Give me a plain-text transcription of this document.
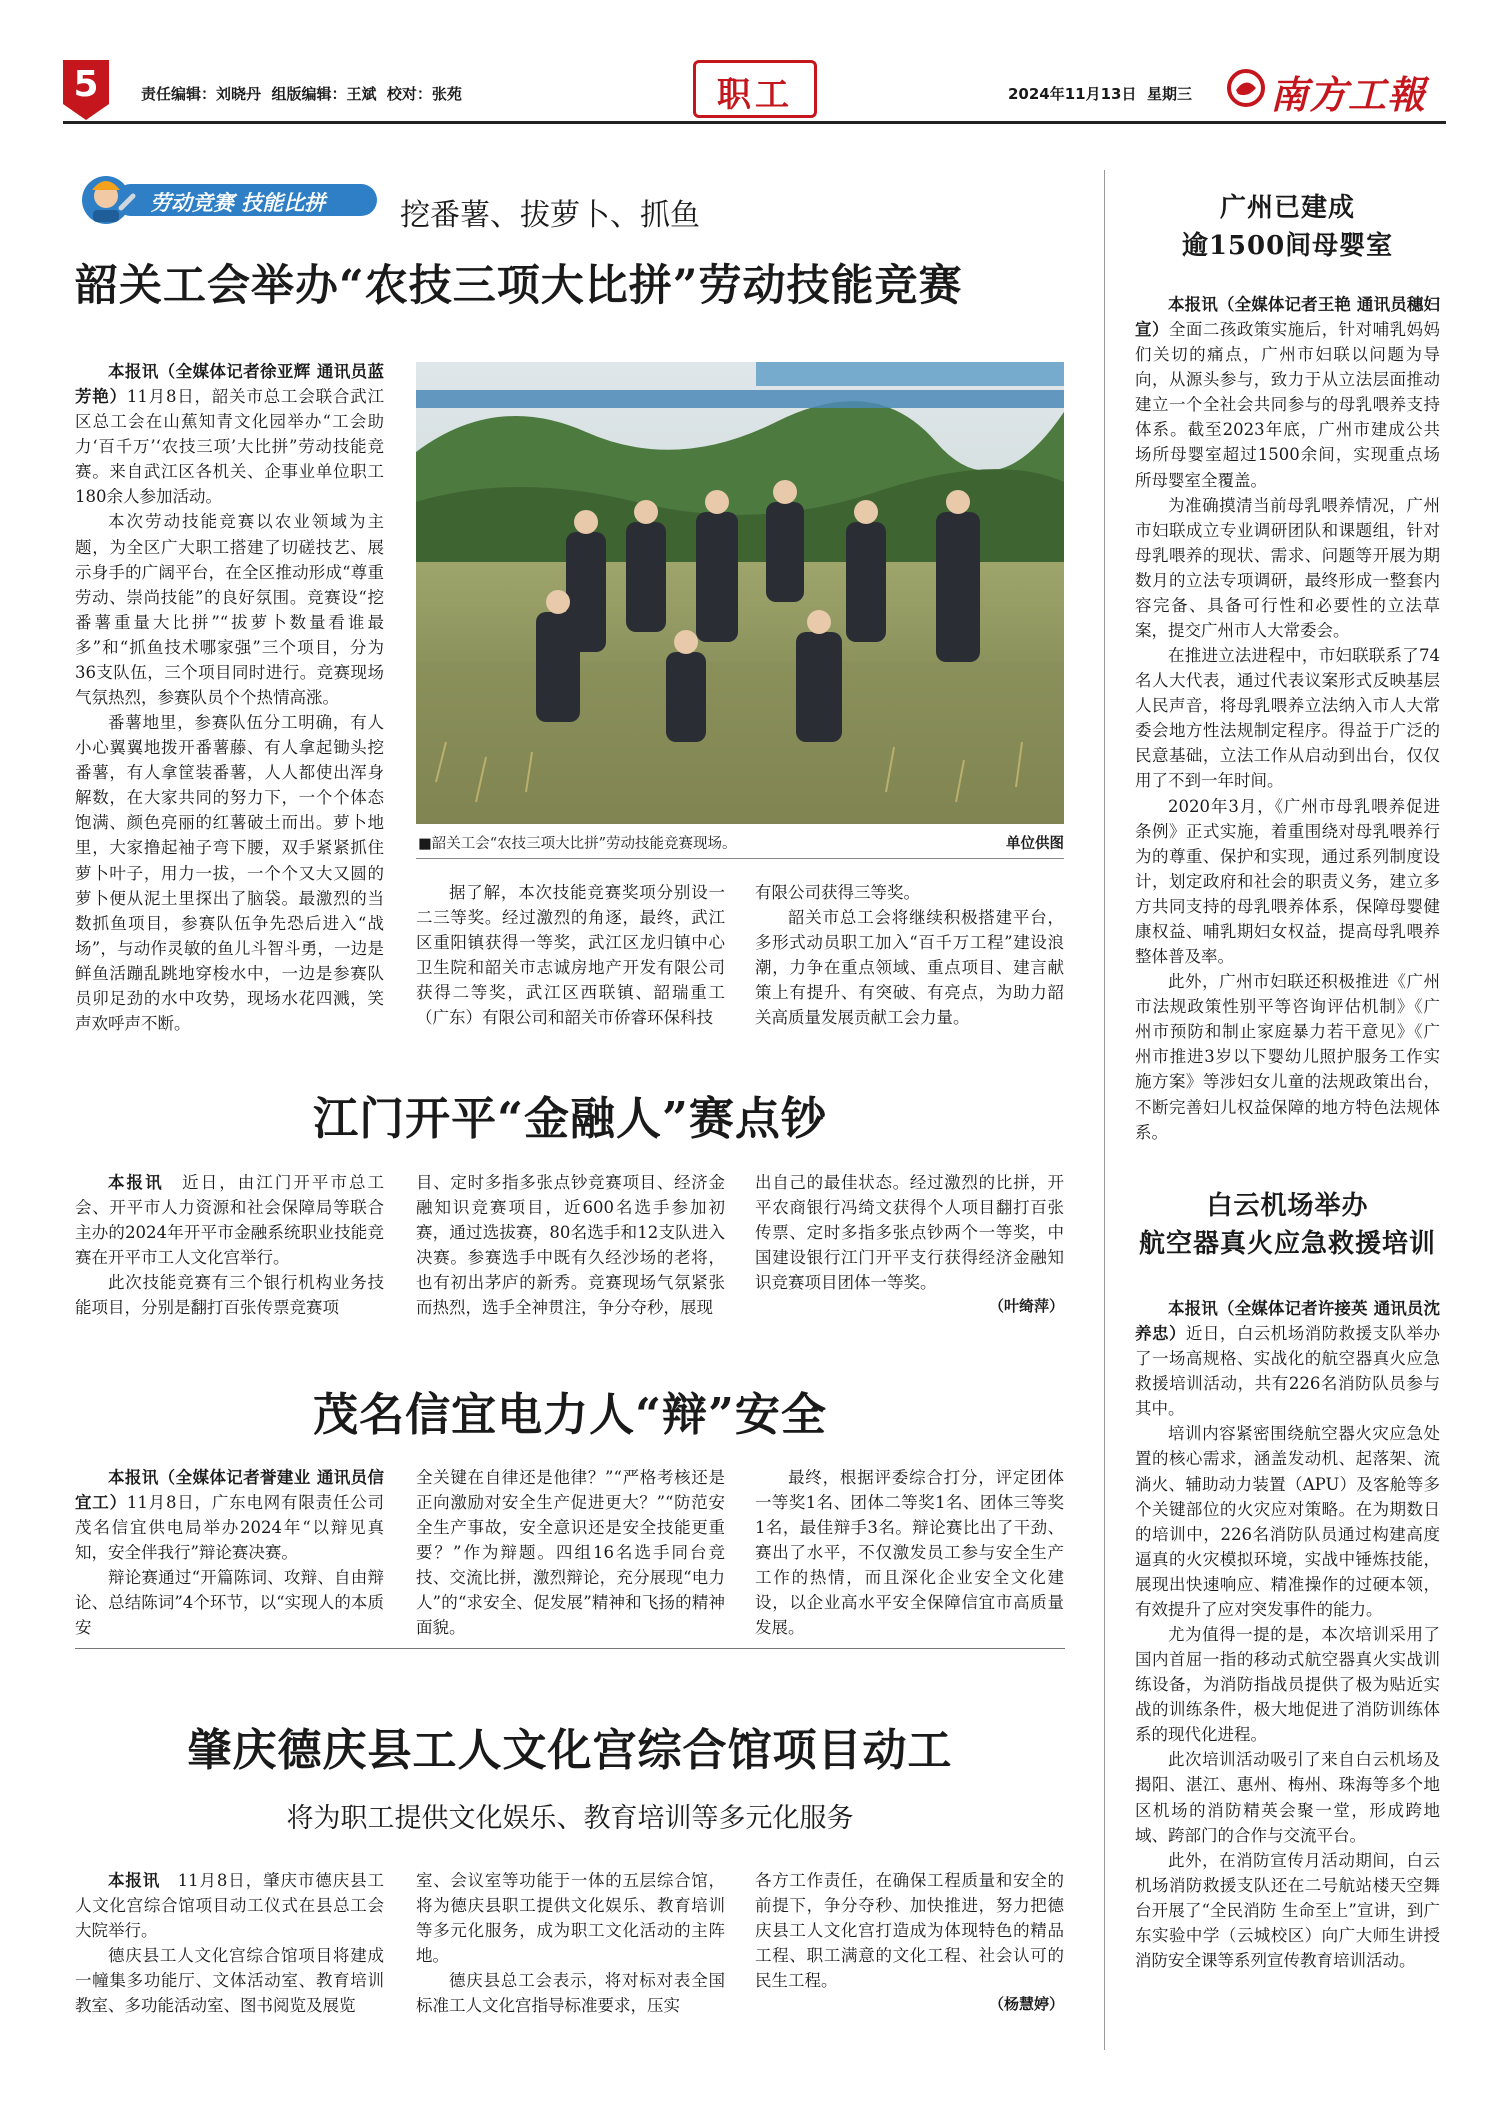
5	责任编辑：刘晓丹  组版编辑：王斌  校对：张苑	职工	2024年11月13日  星期三 南方工報
劳动竞赛 技能比拼 挖番薯、拔萝卜、抓鱼
韶关工会举办“农技三项大比拼”劳动技能竞赛

本报讯（全媒体记者徐亚辉 通讯员蓝芳艳）11月8日，韶关市总工会联合武江区总工会在山蕉知青文化园举办“工会助力‘百千万’‘农技三项’大比拼”劳动技能竞赛。来自武江区各机关、企事业单位职工180余人参加活动。

本次劳动技能竞赛以农业领域为主题，为全区广大职工搭建了切磋技艺、展示身手的广阔平台，在全区推动形成“尊重劳动、崇尚技能”的良好氛围。竞赛设“挖番薯重量大比拼”“拔萝卜数量看谁最多”和“抓鱼技术哪家强”三个项目，分为36支队伍，三个项目同时进行。竞赛现场气氛热烈，参赛队员个个热情高涨。

番薯地里，参赛队伍分工明确，有人小心翼翼地拨开番薯藤、有人拿起锄头挖番薯，有人拿筐装番薯，人人都使出浑身解数，在大家共同的努力下，一个个体态饱满、颜色亮丽的红薯破土而出。萝卜地里，大家撸起袖子弯下腰，双手紧紧抓住萝卜叶子，用力一拔，一个个又大又圆的萝卜便从泥土里探出了脑袋。最激烈的当数抓鱼项目，参赛队伍争先恐后进入“战场”，与动作灵敏的鱼儿斗智斗勇，一边是鲜鱼活蹦乱跳地穿梭水中，一边是参赛队员卯足劲的水中攻势，现场水花四溅，笑声欢呼声不断。

■韶关工会“农技三项大比拼”劳动技能竞赛现场。	单位供图

据了解，本次技能竞赛奖项分别设一二三等奖。经过激烈的角逐，最终，武江区重阳镇获得一等奖，武江区龙归镇中心卫生院和韶关市志诚房地产开发有限公司获得二等奖，武江区西联镇、韶瑞重工（广东）有限公司和韶关市侨睿环保科技

有限公司获得三等奖。

韶关市总工会将继续积极搭建平台，多形式动员职工加入“百千万工程”建设浪潮，力争在重点领域、重点项目、建言献策上有提升、有突破、有亮点，为助力韶关高质量发展贡献工会力量。

江门开平“金融人”赛点钞

本报讯　 近日，由江门开平市总工会、开平市人力资源和社会保障局等联合主办的2024年开平市金融系统职业技能竞赛在开平市工人文化宫举行。

此次技能竞赛有三个银行机构业务技能项目，分别是翻打百张传票竞赛项

目、定时多指多张点钞竞赛项目、经济金融知识竞赛项目，近600名选手参加初赛，通过选拔赛，80名选手和12支队进入决赛。参赛选手中既有久经沙场的老将，也有初出茅庐的新秀。竞赛现场气氛紧张而热烈，选手全神贯注，争分夺秒，展现

出自己的最佳状态。经过激烈的比拼，开平农商银行冯绮文获得个人项目翻打百张传票、定时多指多张点钞两个一等奖，中国建设银行江门开平支行获得经济金融知识竞赛项目团体一等奖。

（叶绮萍）
茂名信宜电力人“辩”安全

本报讯（全媒体记者誉建业 通讯员信宜工）11月8日，广东电网有限责任公司茂名信宜供电局举办2024年“以辩见真知，安全伴我行”辩论赛决赛。

辩论赛通过“开篇陈词、攻辩、自由辩论、总结陈词”4个环节，以“实现人的本质安

全关键在自律还是他律？”“严格考核还是正向激励对安全生产促进更大？”“防范安全生产事故，安全意识还是安全技能更重要？”作为辩题。四组16名选手同台竞技、交流比拼，激烈辩论，充分展现“电力人”的“求安全、促发展”精神和飞扬的精神面貌。

最终，根据评委综合打分，评定团体一等奖1名、团体二等奖1名、团体三等奖1名，最佳辩手3名。辩论赛比出了干劲、赛出了水平，不仅激发员工参与安全生产工作的热情，而且深化企业安全文化建设，以企业高水平安全保障信宜市高质量发展。

肇庆德庆县工人文化宫综合馆项目动工
将为职工提供文化娱乐、教育培训等多元化服务

本报讯　 11月8日，肇庆市德庆县工人文化宫综合馆项目动工仪式在县总工会大院举行。

德庆县工人文化宫综合馆项目将建成一幢集多功能厅、文体活动室、教育培训教室、多功能活动室、图书阅览及展览

室、会议室等功能于一体的五层综合馆，将为德庆县职工提供文化娱乐、教育培训等多元化服务，成为职工文化活动的主阵地。

德庆县总工会表示，将对标对表全国标准工人文化宫指导标准要求，压实

各方工作责任，在确保工程质量和安全的前提下，争分夺秒、加快推进，努力把德庆县工人文化宫打造成为体现特色的精品工程、职工满意的文化工程、社会认可的民生工程。

（杨慧婷）
广州已建成
逾1500间母婴室

本报讯（全媒体记者王艳 通讯员穗妇宣）全面二孩政策实施后，针对哺乳妈妈们关切的痛点，广州市妇联以问题为导向，从源头参与，致力于从立法层面推动建立一个全社会共同参与的母乳喂养支持体系。截至2023年底，广州市建成公共场所母婴室超过1500余间，实现重点场所母婴室全覆盖。

为准确摸清当前母乳喂养情况，广州市妇联成立专业调研团队和课题组，针对母乳喂养的现状、需求、问题等开展为期数月的立法专项调研，最终形成一整套内容完备、具备可行性和必要性的立法草案，提交广州市人大常委会。

在推进立法进程中，市妇联联系了74名人大代表，通过代表议案形式反映基层人民声音，将母乳喂养立法纳入市人大常委会地方性法规制定程序。得益于广泛的民意基础，立法工作从启动到出台，仅仅用了不到一年时间。

2020年3月，《广州市母乳喂养促进条例》正式实施，着重围绕对母乳喂养行为的尊重、保护和实现，通过系列制度设计，划定政府和社会的职责义务，建立多方共同支持的母乳喂养体系，保障母婴健康权益、哺乳期妇女权益，提高母乳喂养整体普及率。

此外，广州市妇联还积极推进《广州市法规政策性别平等咨询评估机制》《广州市预防和制止家庭暴力若干意见》《广州市推进3岁以下婴幼儿照护服务工作实施方案》等涉妇女儿童的法规政策出台，不断完善妇儿权益保障的地方特色法规体系。

白云机场举办
航空器真火应急救援培训

本报讯（全媒体记者许接英 通讯员沈养忠）近日，白云机场消防救援支队举办了一场高规格、实战化的航空器真火应急救援培训活动，共有226名消防队员参与其中。

培训内容紧密围绕航空器火灾应急处置的核心需求，涵盖发动机、起落架、流淌火、辅助动力装置（APU）及客舱等多个关键部位的火灾应对策略。在为期数日的培训中，226名消防队员通过构建高度逼真的火灾模拟环境，实战中锤炼技能，展现出快速响应、精准操作的过硬本领，有效提升了应对突发事件的能力。

尤为值得一提的是，本次培训采用了国内首屈一指的移动式航空器真火实战训练设备，为消防指战员提供了极为贴近实战的训练条件，极大地促进了消防训练体系的现代化进程。

此次培训活动吸引了来自白云机场及揭阳、湛江、惠州、梅州、珠海等多个地区机场的消防精英会聚一堂，形成跨地域、跨部门的合作与交流平台。

此外，在消防宣传月活动期间，白云机场消防救援支队还在二号航站楼天空舞台开展了“全民消防 生命至上”宣讲，到广东实验中学（云城校区）向广大师生讲授消防安全课等系列宣传教育培训活动。
